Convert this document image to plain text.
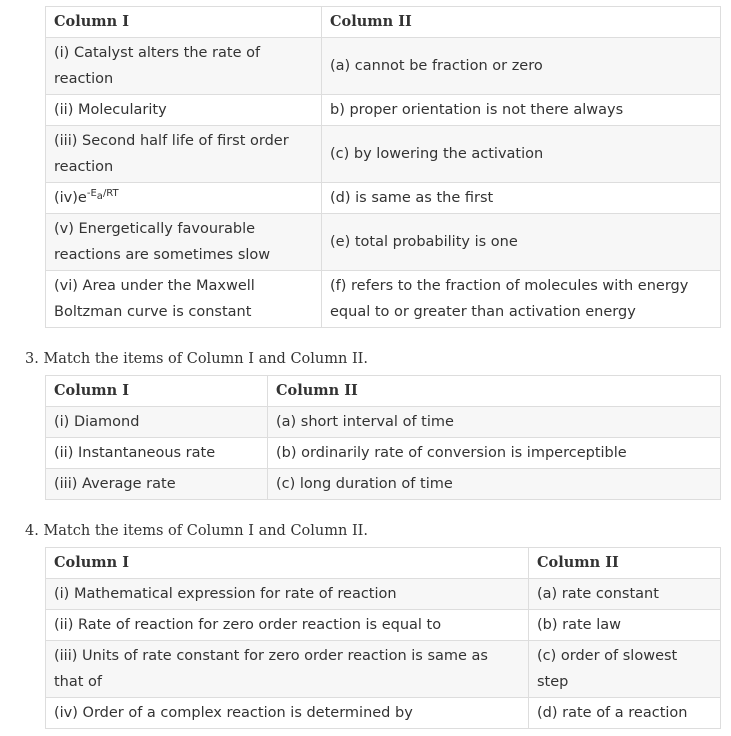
Column I	Column II
(i) Catalyst alters the rate of reaction	(a) cannot be fraction or zero
(ii) Molecularity	b) proper orientation is not there always
(iii) Second half life of first order reaction	(c) by lowering the activation
$(iv)e^{-E_a/RT}$	(d) is same as the first
(v) Energetically favourable reactions are sometimes slow	(e) total probability is one
(vi) Area under the Maxwell Boltzman curve is constant	(f) refers to the fraction of molecules with energy equal to or greater than activation energy
3. Match the items of Column I and Column II.
Column I	Column II
(i) Diamond	(a) short interval of time
(ii) Instantaneous rate	(b) ordinarily rate of conversion is imperceptible
(iii) Average rate	(c) long duration of time
4. Match the items of Column I and Column II.
Column I	Column II
(i) Mathematical expression for rate of reaction	(a) rate constant
(ii) Rate of reaction for zero order reaction is equal to	(b) rate law
(iii) Units of rate constant for zero order reaction is same as that of	(c) order of slowest step
(iv) Order of a complex reaction is determined by	(d) rate of a reaction
